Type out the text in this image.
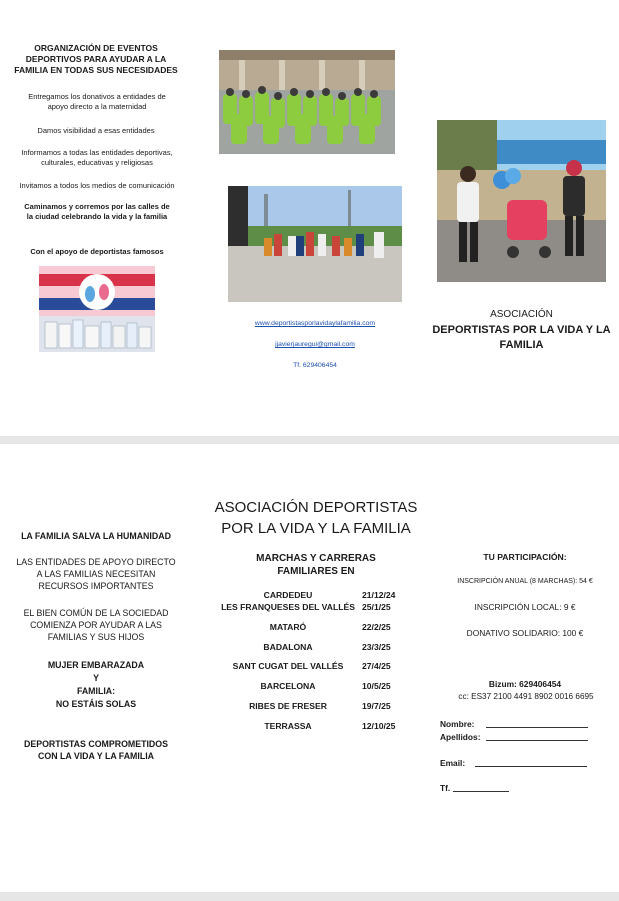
ORGANIZACIÓN DE EVENTOS DEPORTIVOS PARA AYUDAR A LA FAMILIA EN TODAS SUS NECESIDADES
Entregamos los donativos a entidades de apoyo directo a la maternidad
Damos visibilidad a esas entidades
Informamos a todas las entidades deportivas, culturales, educativas y religiosas
Invitamos a todos los medios de comunicación
Caminamos y corremos por las calles de la ciudad celebrando la vida y la familia
Con el apoyo de deportistas famosos
www.deportistasporlavidaylafamilia.com
jjavierjauregui@gmail.com
Tf. 629406454
ASOCIACIÓN
DEPORTISTAS POR LA VIDA Y LA FAMILIA
LA FAMILIA SALVA LA HUMANIDAD
LAS ENTIDADES DE APOYO DIRECTO A LAS FAMILIAS NECESITAN RECURSOS IMPORTANTES
EL BIEN COMÚN DE LA SOCIEDAD COMIENZA POR AYUDAR A LAS FAMILIAS Y SUS HIJOS
MUJER EMBARAZADA
Y
FAMILIA:
NO ESTÁIS SOLAS
DEPORTISTAS COMPROMETIDOS CON LA VIDA Y LA FAMILIA
ASOCIACIÓN DEPORTISTAS POR LA VIDA Y LA FAMILIA
MARCHAS Y CARRERAS FAMILIARES EN
TU PARTICIPACIÓN:
INSCRIPCIÓN ANUAL (8 MARCHAS): 54 €
INSCRIPCIÓN LOCAL: 9 €
DONATIVO SOLIDARIO: 100 €
Bizum: 629406454
cc: ES37 2100 4491 8902 0016 6695
Nombre:
Apellidos:
Email:
Tf.
CARDEDEU	21/12/24
LES FRANQUESES DEL VALLÉS 25/1/25
MATARÓ	22/2/25
BADALONA	23/3/25
SANT CUGAT DEL VALLÉS	27/4/25
BARCELONA	10/5/25
RIBES DE FRESER	19/7/25
TERRASSA	12/10/25
